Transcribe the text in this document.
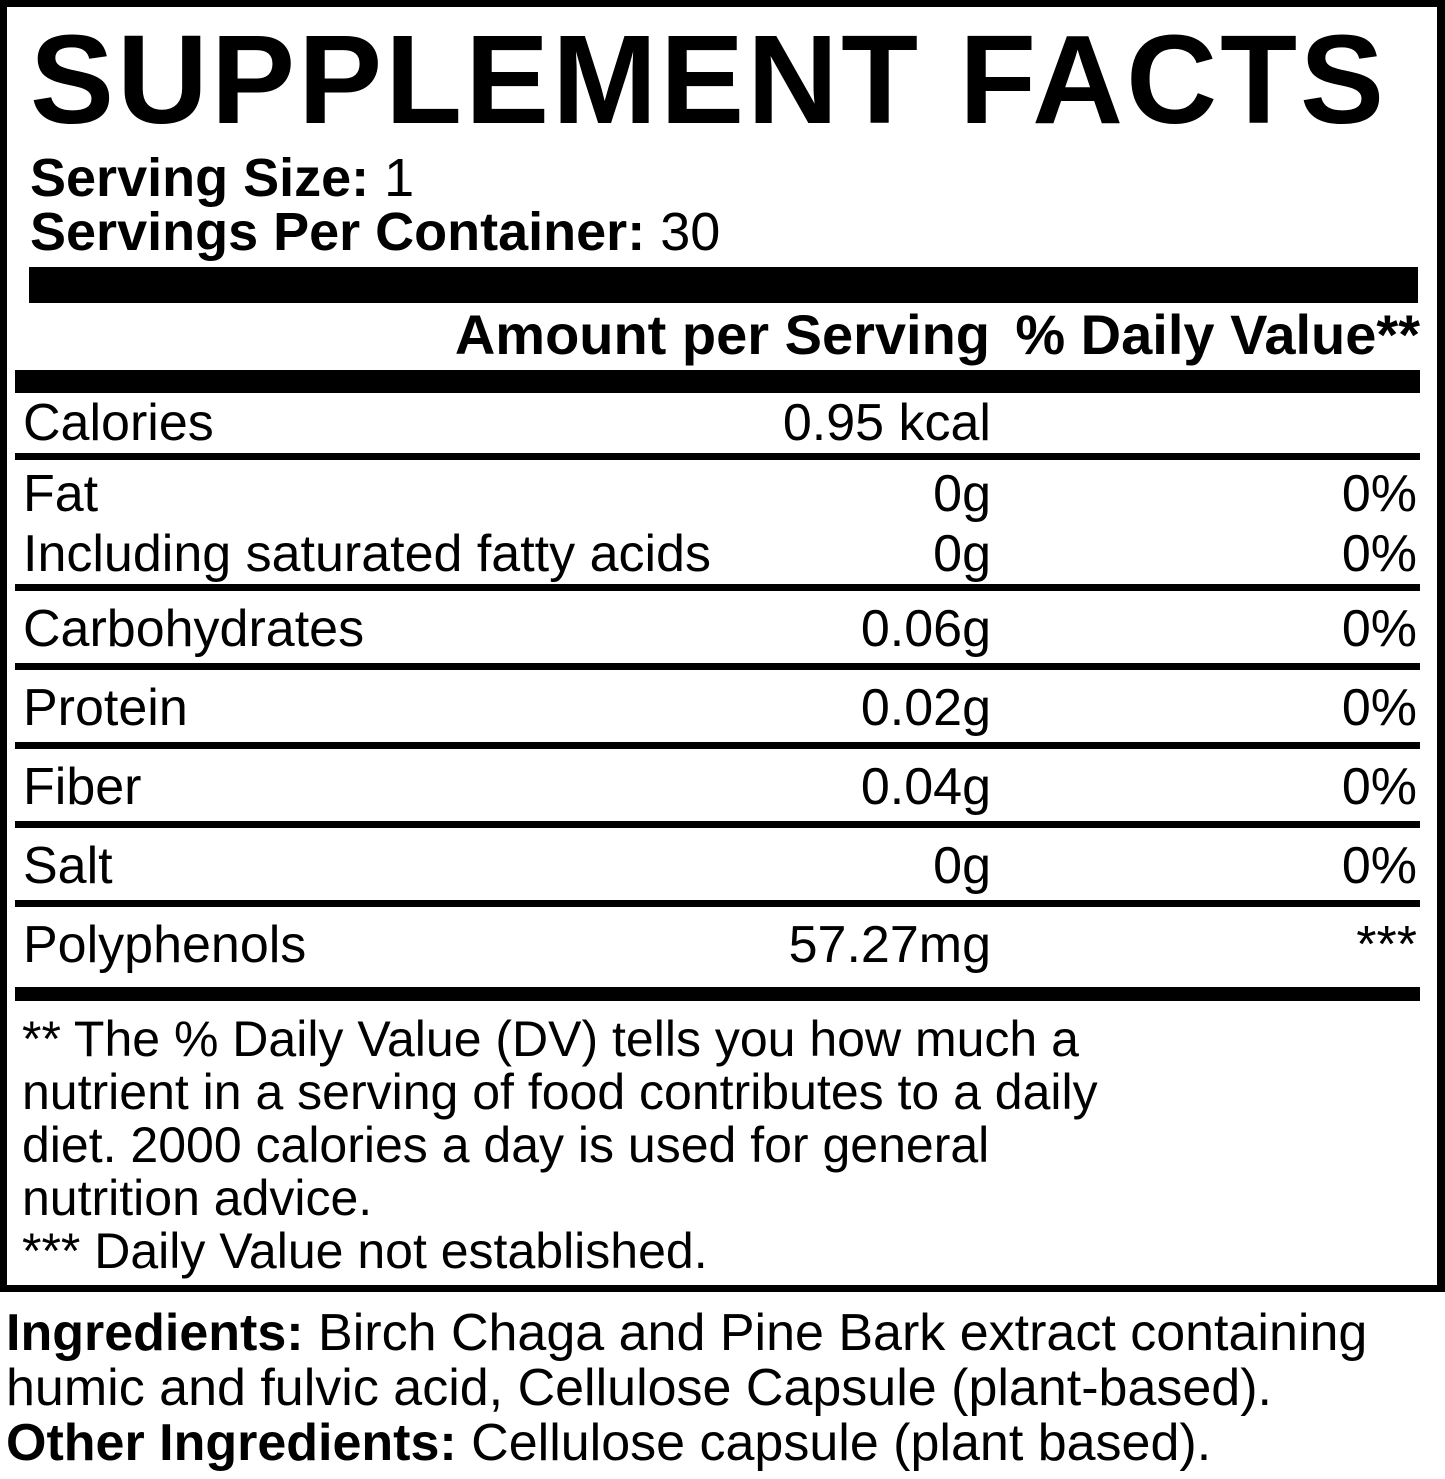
SUPPLEMENT FACTS
Serving Size: 1
Servings Per Container: 30
Amount per Serving % Daily Value**
Calories	0.95 kcal
Fat	0g	0%
Including saturated fatty acids	0g	0%
Carbohydrates	0.06g	0%
Protein	0.02g	0%
Fiber	0.04g	0%
Salt	0g	0%
Polyphenols	57.27mg	***
** The % Daily Value (DV) tells you how much a
nutrient in a serving of food contributes to a daily
diet. 2000 calories a day is used for general
nutrition advice.
*** Daily Value not established.

Ingredients: Birch Chaga and Pine Bark extract containing humic and fulvic acid, Cellulose Capsule (plant-based).

Other Ingredients: Cellulose capsule (plant based).
